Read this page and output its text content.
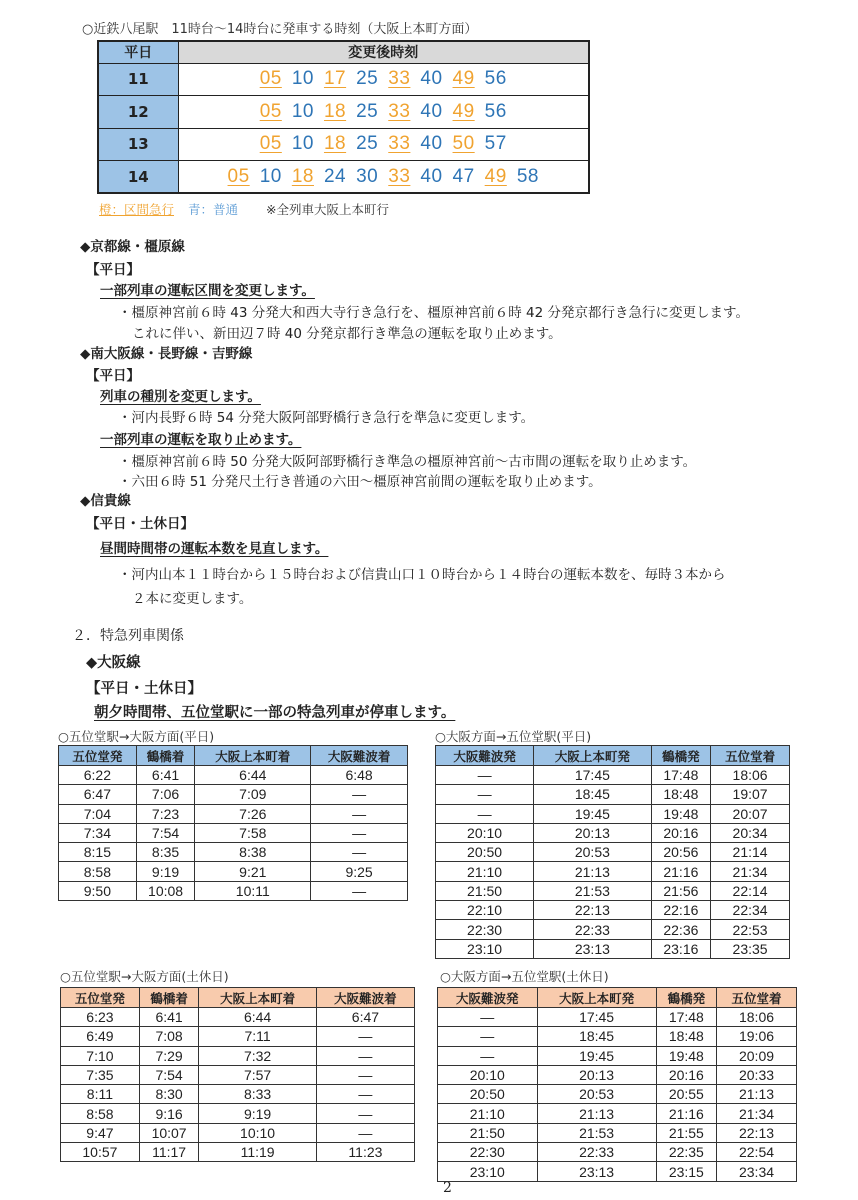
○近鉄八尾駅　11時台～14時台に発車する時刻（大阪上本町方面）
平日	変更後時刻
11	05 10 17 25 33 40 49 56
12	05 10 18 25 33 40 49 56
13	05 10 18 25 33 40 50 57
14	05 10 18 24 30 33 40 47 49 58
橙：区間急行 青：普通 ※全列車大阪上本町行
◆京都線・橿原線
【平日】
一部列車の運転区間を変更します。
・橿原神宮前６時 43 分発大和西大寺行き急行を、橿原神宮前６時 42 分発京都行き急行に変更します。
これに伴い、新田辺７時 40 分発京都行き準急の運転を取り止めます。
◆南大阪線・長野線・吉野線
【平日】
列車の種別を変更します。
・河内長野６時 54 分発大阪阿部野橋行き急行を準急に変更します。
一部列車の運転を取り止めます。
・橿原神宮前６時 50 分発大阪阿部野橋行き準急の橿原神宮前～古市間の運転を取り止めます。
・六田６時 51 分発尺土行き普通の六田～橿原神宮前間の運転を取り止めます。
◆信貴線
【平日・土休日】
昼間時間帯の運転本数を見直します。
・河内山本１１時台から１５時台および信貴山口１０時台から１４時台の運転本数を、毎時３本から
２本に変更します。
２．特急列車関係
◆大阪線
【平日・土休日】
朝夕時間帯、五位堂駅に一部の特急列車が停車します。
○五位堂駅→大阪方面(平日)
五位堂発	鶴橋着	大阪上本町着	大阪難波着
6:22	6:41	6:44	6:48
6:47	7:06	7:09	—
7:04	7:23	7:26	—
7:34	7:54	7:58	—
8:15	8:35	8:38	—
8:58	9:19	9:21	9:25
9:50	10:08	10:11	—
○大阪方面→五位堂駅(平日)
大阪難波発	大阪上本町発	鶴橋発	五位堂着
—	17:45	17:48	18:06
—	18:45	18:48	19:07
—	19:45	19:48	20:07
20:10	20:13	20:16	20:34
20:50	20:53	20:56	21:14
21:10	21:13	21:16	21:34
21:50	21:53	21:56	22:14
22:10	22:13	22:16	22:34
22:30	22:33	22:36	22:53
23:10	23:13	23:16	23:35
○五位堂駅→大阪方面(土休日)
五位堂発	鶴橋着	大阪上本町着	大阪難波着
6:23	6:41	6:44	6:47
6:49	7:08	7:11	—
7:10	7:29	7:32	—
7:35	7:54	7:57	—
8:11	8:30	8:33	—
8:58	9:16	9:19	—
9:47	10:07	10:10	—
10:57	11:17	11:19	11:23
○大阪方面→五位堂駅(土休日)
大阪難波発	大阪上本町発	鶴橋発	五位堂着
—	17:45	17:48	18:06
—	18:45	18:48	19:06
—	19:45	19:48	20:09
20:10	20:13	20:16	20:33
20:50	20:53	20:55	21:13
21:10	21:13	21:16	21:34
21:50	21:53	21:55	22:13
22:30	22:33	22:35	22:54
23:10	23:13	23:15	23:34
2
